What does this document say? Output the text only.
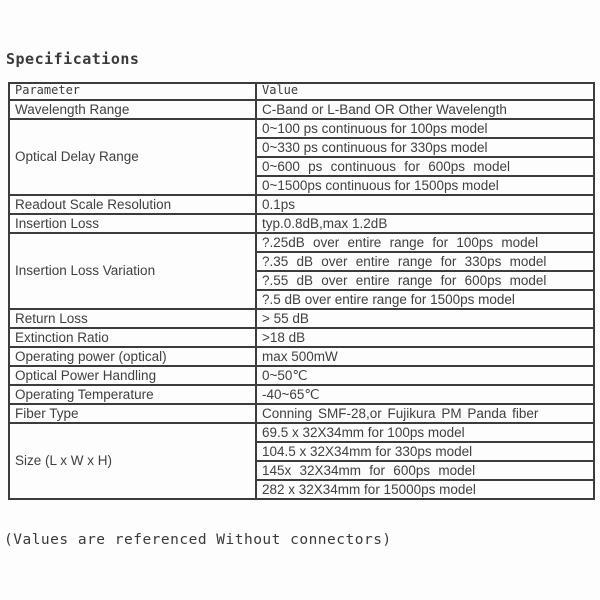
Specifications
Parameter	Value
Wavelength Range	C-Band or L-Band OR Other Wavelength
Optical Delay Range	0~100 ps continuous for 100ps model
	0~330 ps continuous for 330ps model
	0~600 ps continuous for 600ps model
	0~1500ps continuous for 1500ps model
Readout Scale Resolution	0.1ps
Insertion Loss	typ.0.8dB,max 1.2dB
Insertion Loss Variation	?.25dB over entire range for 100ps model
	?.35 dB over entire range for 330ps model
	?.55 dB over entire range for 600ps model
	?.5 dB over entire range for 1500ps model
Return Loss	> 55 dB
Extinction Ratio	>18 dB
Operating power (optical)	max 500mW
Optical Power Handling	0~50℃
Operating Temperature	-40~65℃
Fiber Type	Conning SMF-28,or Fujikura PM Panda fiber
Size (L x W x H)	69.5 x 32X34mm for 100ps model
	104.5 x 32X34mm for 330ps model
	145x 32X34mm for 600ps model
	282 x 32X34mm for 15000ps model
(Values are referenced Without connectors)
